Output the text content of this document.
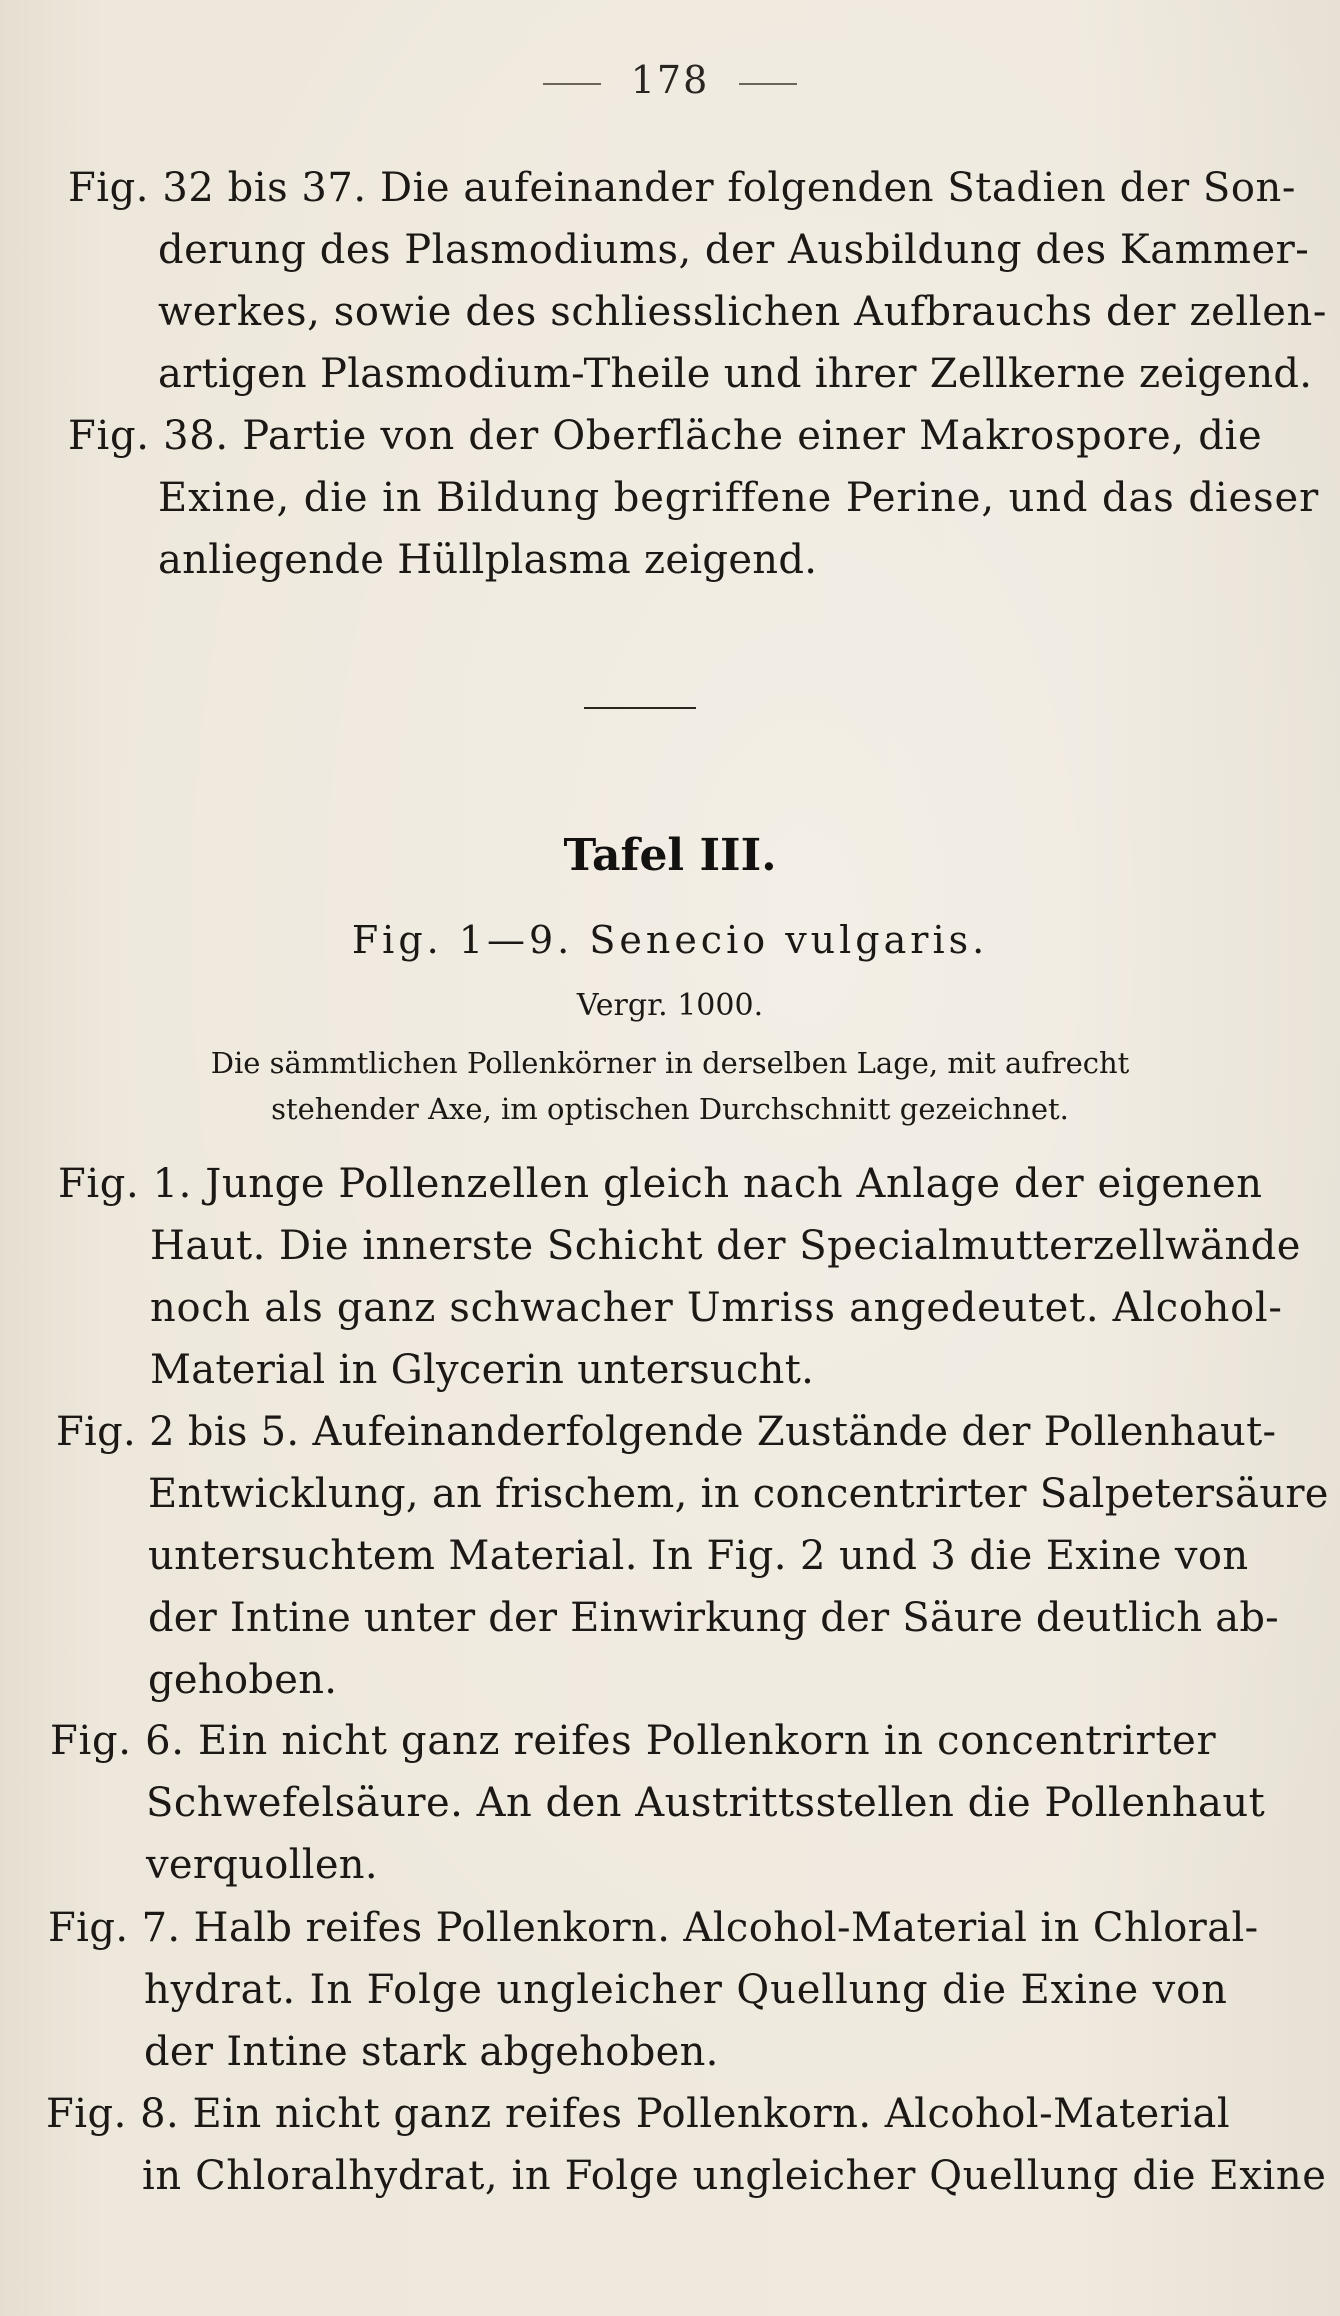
178
Fig. 32 bis 37. Die aufeinander folgenden Stadien der Son-
derung des Plasmodiums, der Ausbildung des Kammer-
werkes, sowie des schliesslichen Aufbrauchs der zellen-
artigen Plasmodium-Theile und ihrer Zellkerne zeigend.
Fig. 38. Partie von der Oberfläche einer Makrospore, die
Exine, die in Bildung begriffene Perine, und das dieser
anliegende Hüllplasma zeigend.
Tafel III.
Fig. 1—9. Senecio vulgaris.
Vergr. 1000.
Die sämmtlichen Pollenkörner in derselben Lage, mit aufrecht
stehender Axe, im optischen Durchschnitt gezeichnet.
Fig. 1. Junge Pollenzellen gleich nach Anlage der eigenen
Haut. Die innerste Schicht der Specialmutterzellwände
noch als ganz schwacher Umriss angedeutet. Alcohol-
Material in Glycerin untersucht.
Fig. 2 bis 5. Aufeinanderfolgende Zustände der Pollenhaut-
Entwicklung, an frischem, in concentrirter Salpetersäure
untersuchtem Material. In Fig. 2 und 3 die Exine von
der Intine unter der Einwirkung der Säure deutlich ab-
gehoben.
Fig. 6. Ein nicht ganz reifes Pollenkorn in concentrirter
Schwefelsäure. An den Austrittsstellen die Pollenhaut
verquollen.
Fig. 7. Halb reifes Pollenkorn. Alcohol-Material in Chloral-
hydrat. In Folge ungleicher Quellung die Exine von
der Intine stark abgehoben.
Fig. 8. Ein nicht ganz reifes Pollenkorn. Alcohol-Material
in Chloralhydrat, in Folge ungleicher Quellung die Exine
